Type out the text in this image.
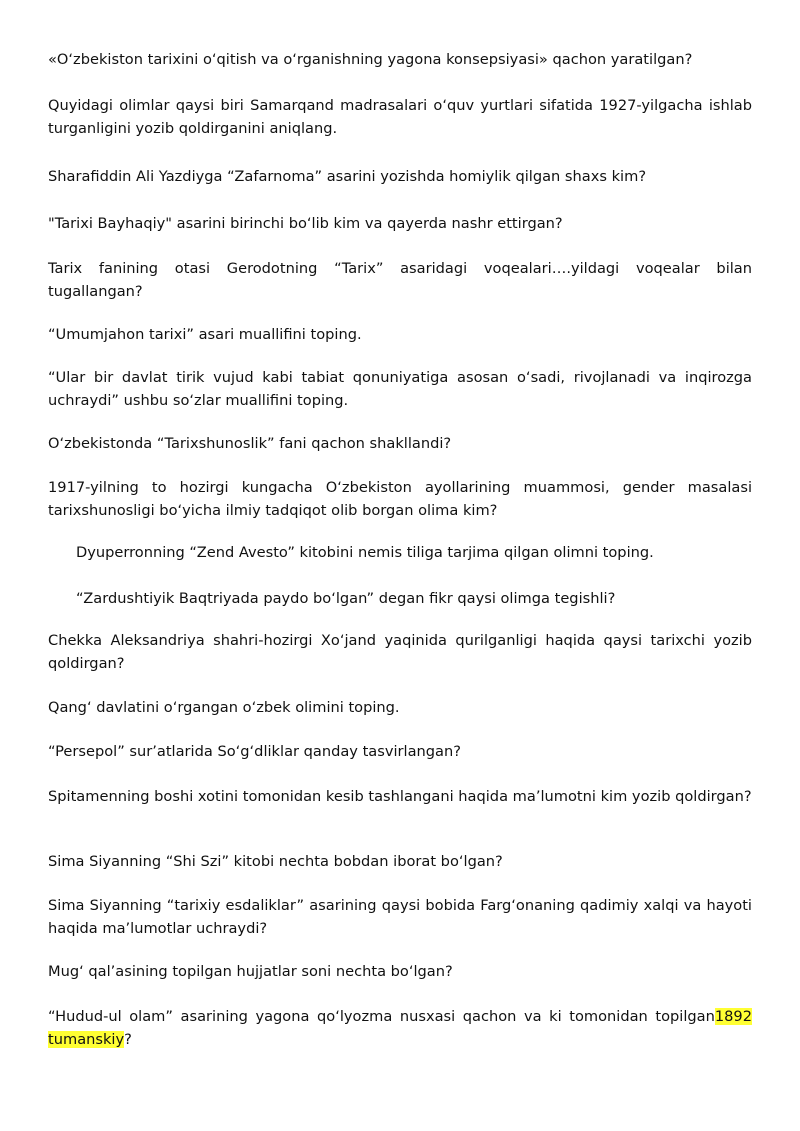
«O‘zbekiston tarixini o‘qitish va o‘rganishning yagona konsepsiyasi» qachon yaratilgan?

Quyidagi olimlar qaysi biri Samarqand madrasalari o‘quv yurtlari sifatida 1927-yilgacha ishlab turganligini yozib qoldirganini aniqlang.

Sharafiddin Ali Yazdiyga “Zafarnoma” asarini yozishda homiylik qilgan shaxs kim?

"Tarixi Bayhaqiy" asarini birinchi bo‘lib kim va qayerda nashr ettirgan?

Tarix fanining otasi Gerodotning “Tarix” asaridagi voqealari….yildagi voqealar bilan tugallangan?

“Umumjahon tarixi” asari muallifini toping.

“Ular bir davlat tirik vujud kabi tabiat qonuniyatiga asosan o‘sadi, rivojlanadi va inqirozga uchraydi” ushbu so‘zlar muallifini toping.

O‘zbekistonda “Tarixshunoslik” fani qachon shakllandi?

1917-yilning to hozirgi kungacha O‘zbekiston ayollarining muammosi, gender masalasi tarixshunosligi bo‘yicha ilmiy tadqiqot olib borgan olima kim?

Dyuperronning “Zend Avesto” kitobini nemis tiliga tarjima qilgan olimni toping.

“Zardushtiyik Baqtriyada paydo bo‘lgan” degan fikr qaysi olimga tegishli?

Chekka Aleksandriya shahri-hozirgi Xo‘jand yaqinida qurilganligi haqida qaysi tarixchi yozib qoldirgan?

Qang‘ davlatini o‘rgangan o‘zbek olimini toping.

“Persepol” sur’atlarida So‘g‘dliklar qanday tasvirlangan?

Spitamenning boshi xotini tomonidan kesib tashlangani haqida ma’lumotni kim yozib qoldirgan?

Sima Siyanning “Shi Szi” kitobi nechta bobdan iborat bo‘lgan?

Sima Siyanning “tarixiy esdaliklar” asarining qaysi bobida Farg‘onaning qadimiy xalqi va hayoti haqida ma’lumotlar uchraydi?

Mug‘ qal’asining topilgan hujjatlar soni nechta bo‘lgan?

“Hudud-ul olam” asarining yagona qo‘lyozma nusxasi qachon va ki tomonidan topilgan1892 tumanskiy?
